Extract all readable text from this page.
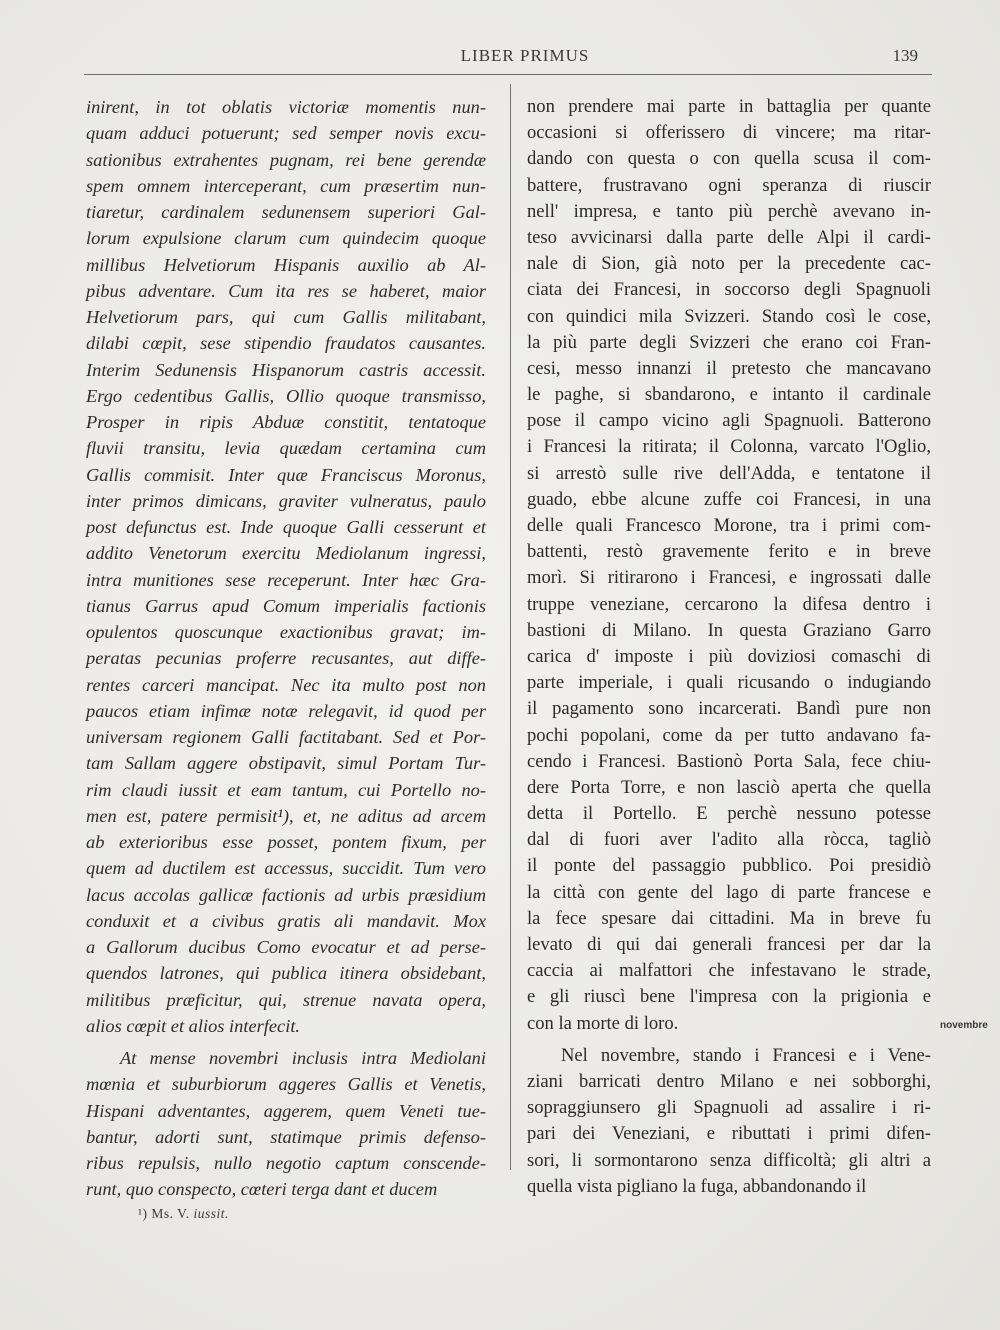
LIBER PRIMUS	139
inirent, in tot oblatis victoriæ momentis nun-
quam adduci potuerunt; sed semper novis excu-
sationibus extrahentes pugnam, rei bene gerendæ
spem omnem interceperant, cum præsertim nun-
tiaretur, cardinalem sedunensem superiori Gal-
lorum expulsione clarum cum quindecim quoque
millibus Helvetiorum Hispanis auxilio ab Al-
pibus adventare. Cum ita res se haberet, maior
Helvetiorum pars, qui cum Gallis militabant,
dilabi cœpit, sese stipendio fraudatos causantes.
Interim Sedunensis Hispanorum castris accessit.
Ergo cedentibus Gallis, Ollio quoque transmisso,
Prosper in ripis Abduæ constitit, tentatoque
fluvii transitu, levia quædam certamina cum
Gallis commisit. Inter quæ Franciscus Moronus,
inter primos dimicans, graviter vulneratus, paulo
post defunctus est. Inde quoque Galli cesserunt et
addito Venetorum exercitu Mediolanum ingressi,
intra munitiones sese receperunt. Inter hæc Gra-
tianus Garrus apud Comum imperialis factionis
opulentos quoscunque exactionibus gravat; im-
peratas pecunias proferre recusantes, aut diffe-
rentes carceri mancipat. Nec ita multo post non
paucos etiam infimæ notæ relegavit, id quod per
universam regionem Galli factitabant. Sed et Por-
tam Sallam aggere obstipavit, simul Portam Tur-
rim claudi iussit et eam tantum, cui Portello no-
men est, patere permisit¹), et, ne aditus ad arcem
ab exterioribus esse posset, pontem fixum, per
quem ad ductilem est accessus, succidit. Tum vero
lacus accolas gallicæ factionis ad urbis præsidium
conduxit et a civibus gratis ali mandavit. Mox
a Gallorum ducibus Como evocatur et ad perse-
quendos latrones, qui publica itinera obsidebant,
militibus præficitur, qui, strenue navata opera,
alios cœpit et alios interfecit.
At mense novembri inclusis intra Mediolani
mœnia et suburbiorum aggeres Gallis et Venetis,
Hispani adventantes, aggerem, quem Veneti tue-
bantur, adorti sunt, statimque primis defenso-
ribus repulsis, nullo negotio captum conscende-
runt, quo conspecto, cœteri terga dant et ducem
non prendere mai parte in battaglia per quante
occasioni si offerissero di vincere; ma ritar-
dando con questa o con quella scusa il com-
battere, frustravano ogni speranza di riuscir
nell' impresa, e tanto più perchè avevano in-
teso avvicinarsi dalla parte delle Alpi il cardi-
nale di Sion, già noto per la precedente cac-
ciata dei Francesi, in soccorso degli Spagnuoli
con quindici mila Svizzeri. Stando così le cose,
la più parte degli Svizzeri che erano coi Fran-
cesi, messo innanzi il pretesto che mancavano
le paghe, si sbandarono, e intanto il cardinale
pose il campo vicino agli Spagnuoli. Batterono
i Francesi la ritirata; il Colonna, varcato l'Oglio,
si arrestò sulle rive dell'Adda, e tentatone il
guado, ebbe alcune zuffe coi Francesi, in una
delle quali Francesco Morone, tra i primi com-
battenti, restò gravemente ferito e in breve
morì. Si ritirarono i Francesi, e ingrossati dalle
truppe veneziane, cercarono la difesa dentro i
bastioni di Milano. In questa Graziano Garro
carica d' imposte i più doviziosi comaschi di
parte imperiale, i quali ricusando o indugiando
il pagamento sono incarcerati. Bandì pure non
pochi popolani, come da per tutto andavano fa-
cendo i Francesi. Bastionò Porta Sala, fece chiu-
dere Porta Torre, e non lasciò aperta che quella
detta il Portello. E perchè nessuno potesse
dal di fuori aver l'adito alla ròcca, tagliò
il ponte del passaggio pubblico. Poi presidiò
la città con gente del lago di parte francese e
la fece spesare dai cittadini. Ma in breve fu
levato di qui dai generali francesi per dar la
caccia ai malfattori che infestavano le strade,
e gli riuscì bene l'impresa con la prigionia e
con la morte di loro.
Nel novembre, stando i Francesi e i Vene-
ziani barricati dentro Milano e nei sobborghi,
sopraggiunsero gli Spagnuoli ad assalire i ri-
pari dei Veneziani, e ributtati i primi difen-
sori, li sormontarono senza difficoltà; gli altri a
quella vista pigliano la fuga, abbandonando il
novembre
¹) Ms. V. iussit.
